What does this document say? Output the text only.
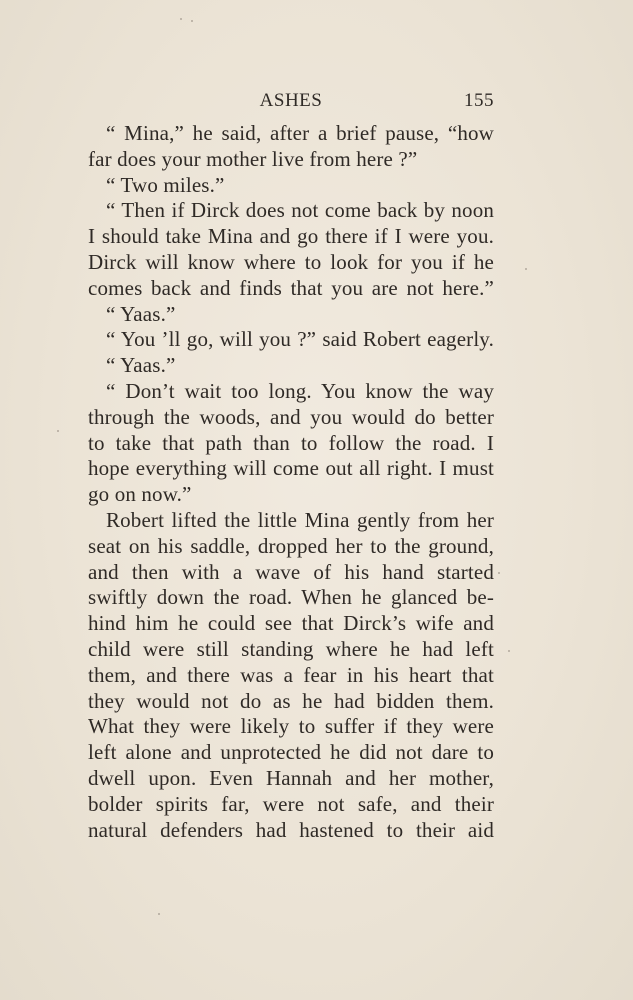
ASHES	155
“ Mina,” he said, after a brief pause, “how
far does your mother live from here ?”
“ Two miles.”
“ Then if Dirck does not come back by noon
I should take Mina and go there if I were you.
Dirck will know where to look for you if he
comes back and finds that you are not here.”
“ Yaas.”
“ You ’ll go, will you ?” said Robert eagerly.
“ Yaas.”
“ Don’t wait too long. You know the way
through the woods, and you would do better
to take that path than to follow the road. I
hope everything will come out all right. I must
go on now.”
Robert lifted the little Mina gently from her
seat on his saddle, dropped her to the ground,
and then with a wave of his hand started
swiftly down the road. When he glanced be-
hind him he could see that Dirck’s wife and
child were still standing where he had left
them, and there was a fear in his heart that
they would not do as he had bidden them.
What they were likely to suffer if they were
left alone and unprotected he did not dare to
dwell upon. Even Hannah and her mother,
bolder spirits far, were not safe, and their
natural defenders had hastened to their aid
